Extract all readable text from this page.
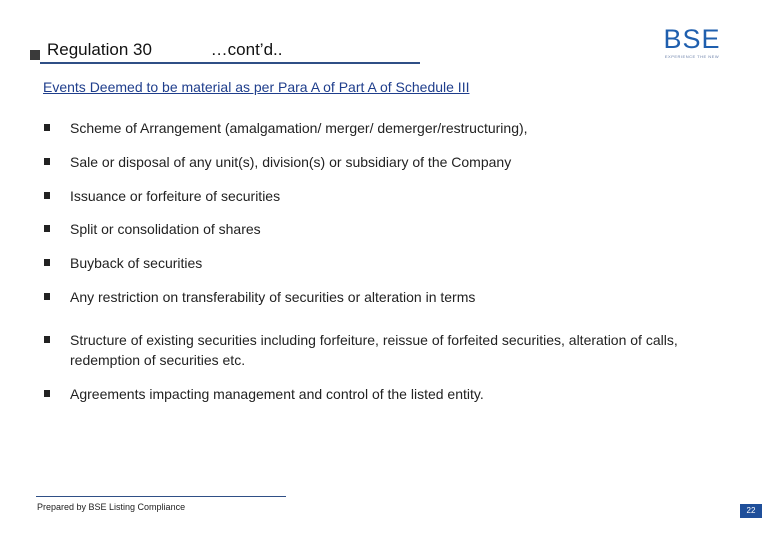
Regulation 30	…cont’d..
Events Deemed to be material as per Para A of Part A of Schedule III
BSE
EXPERIENCE THE NEW
Scheme of Arrangement (amalgamation/ merger/ demerger/restructuring),
Sale or disposal of any unit(s), division(s) or subsidiary of the Company
Issuance or forfeiture of securities
Split or consolidation of shares
Buyback of securities
Any restriction on transferability of securities or alteration in terms
Structure of existing securities including forfeiture, reissue of forfeited securities, alteration of calls, redemption of securities etc.
Agreements impacting management and control of the listed entity.
Prepared by BSE Listing Compliance	22
